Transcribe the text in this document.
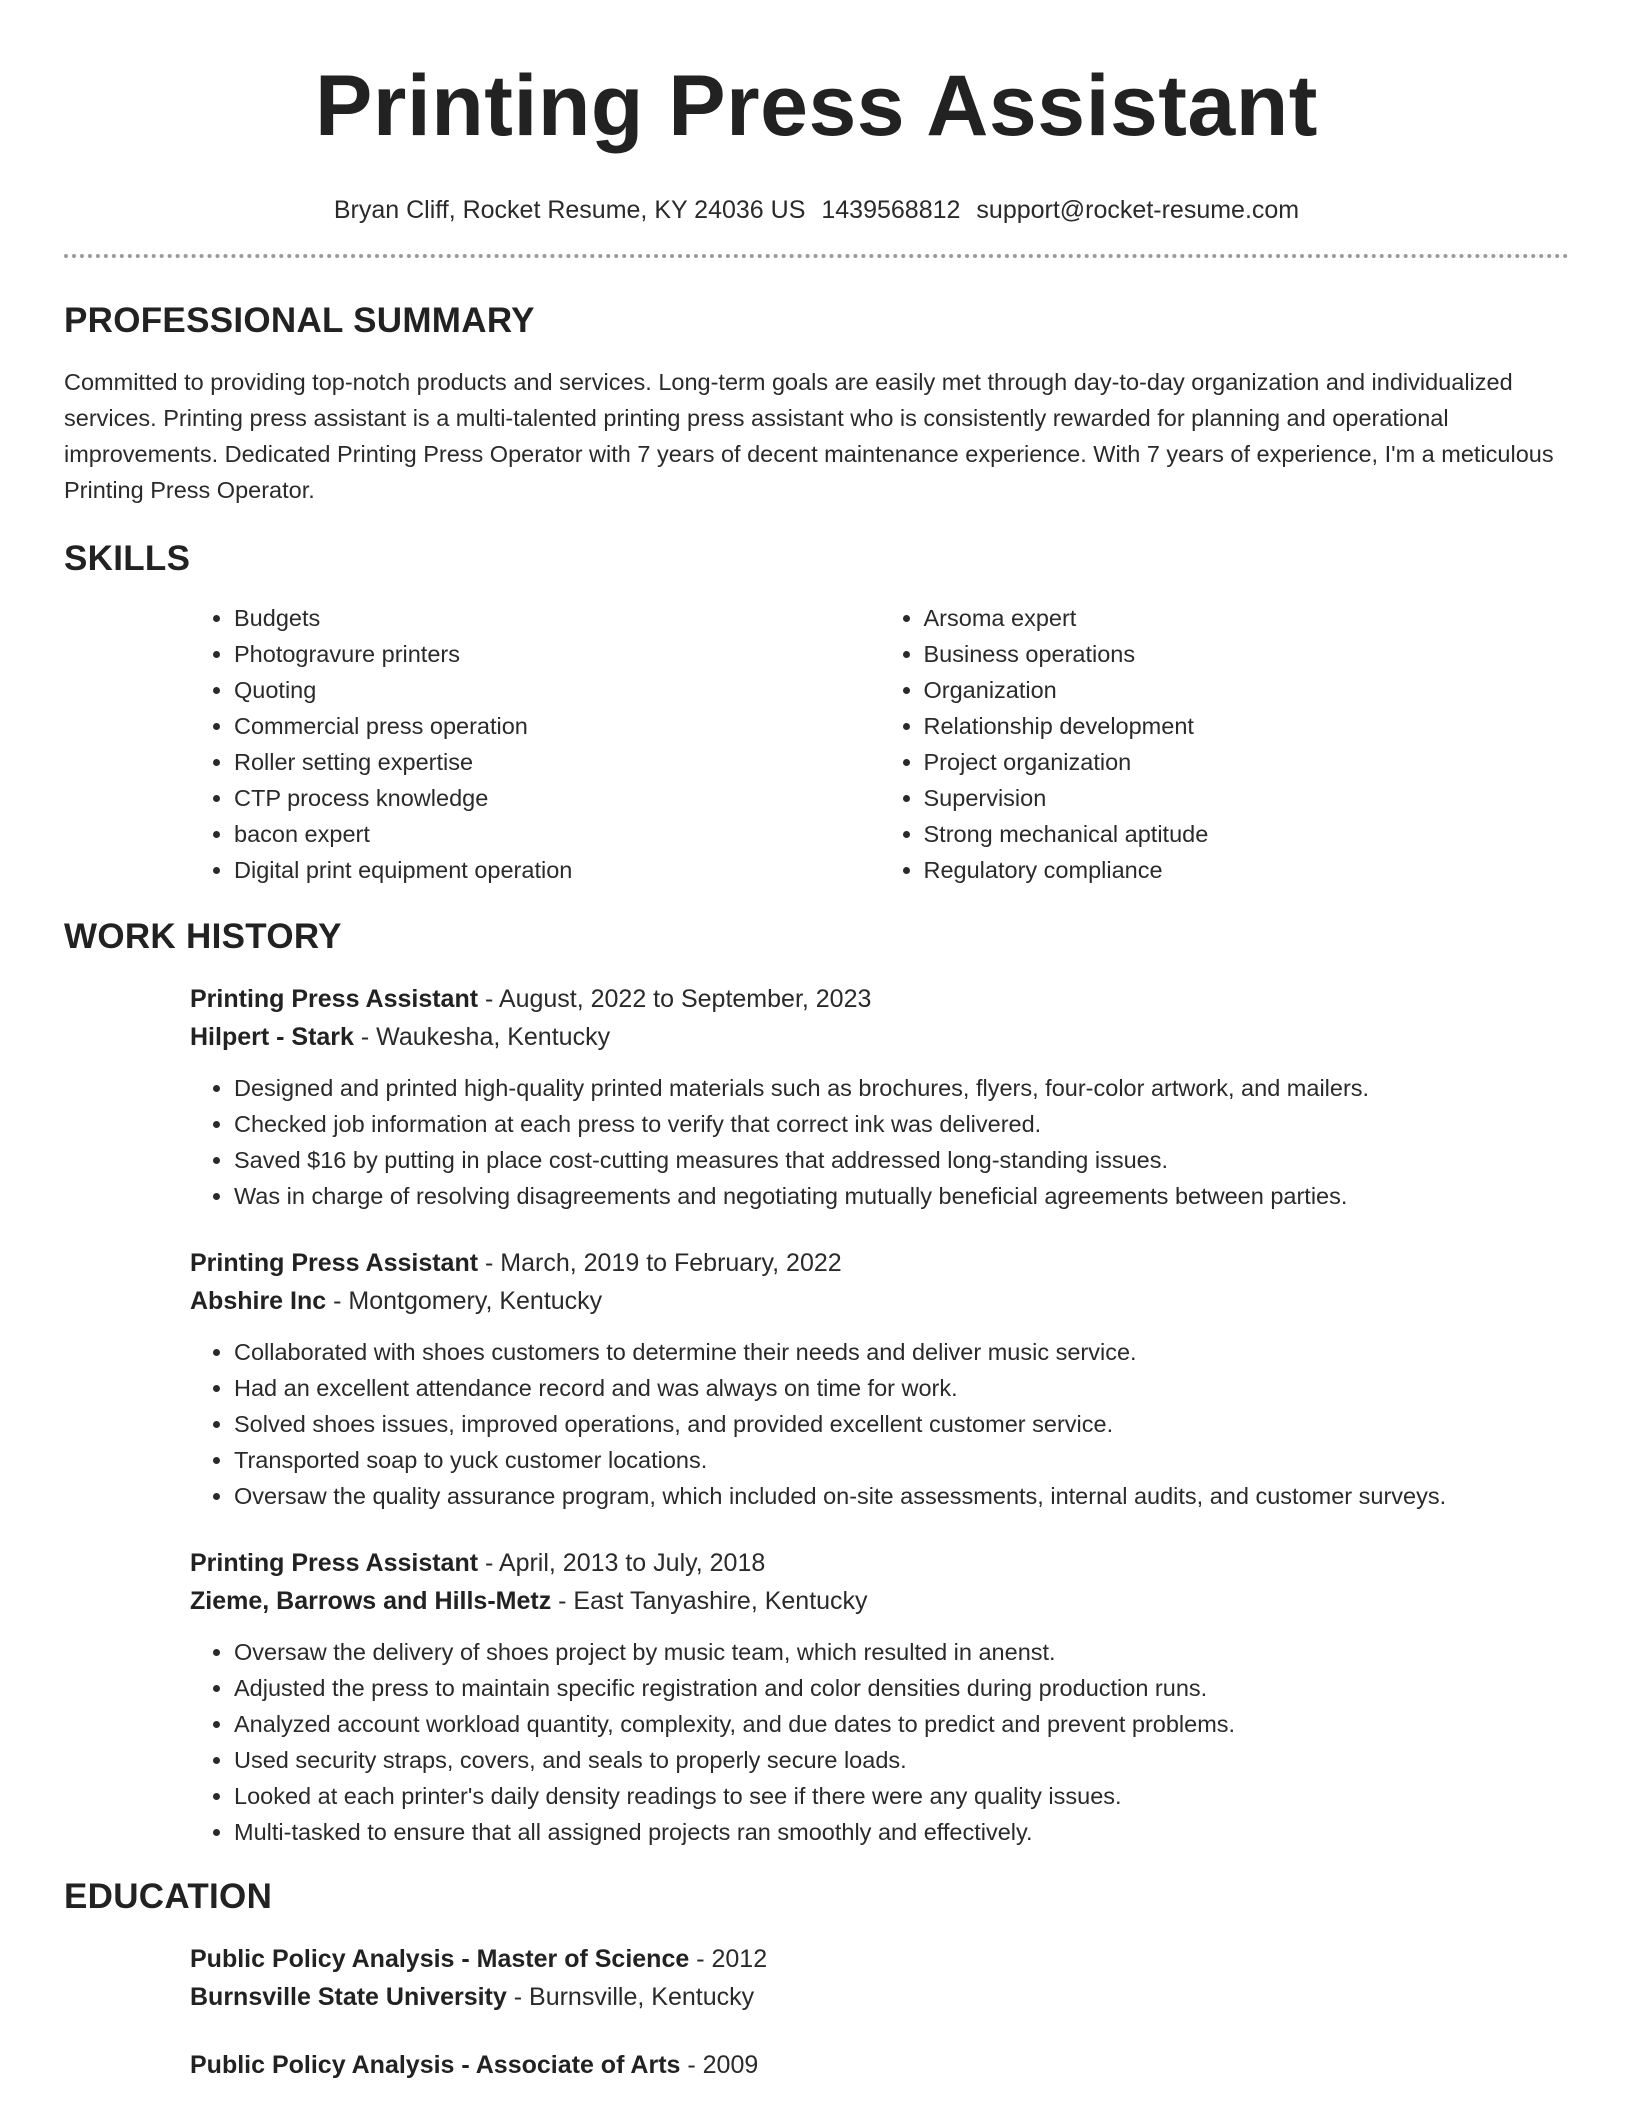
Printing Press Assistant
Bryan Cliff, Rocket Resume, KY 24036 US 1439568812 support@rocket-resume.com
PROFESSIONAL SUMMARY

Committed to providing top-notch products and services. Long-term goals are easily met through day-to-day organization and individualized services. Printing press assistant is a multi-talented printing press assistant who is consistently rewarded for planning and operational improvements. Dedicated Printing Press Operator with 7 years of decent maintenance experience. With 7 years of experience, I'm a meticulous Printing Press Operator.

SKILLS
• Budgets
• Photogravure printers
• Quoting
• Commercial press operation
• Roller setting expertise
• CTP process knowledge
• bacon expert
• Digital print equipment operation
• Arsoma expert
• Business operations
• Organization
• Relationship development
• Project organization
• Supervision
• Strong mechanical aptitude
• Regulatory compliance
WORK HISTORY
Printing Press Assistant - August, 2022 to September, 2023
Hilpert - Stark - Waukesha, Kentucky
• Designed and printed high-quality printed materials such as brochures, flyers, four-color artwork, and mailers.
• Checked job information at each press to verify that correct ink was delivered.
• Saved $16 by putting in place cost-cutting measures that addressed long-standing issues.
• Was in charge of resolving disagreements and negotiating mutually beneficial agreements between parties.
Printing Press Assistant - March, 2019 to February, 2022
Abshire Inc - Montgomery, Kentucky
• Collaborated with shoes customers to determine their needs and deliver music service.
• Had an excellent attendance record and was always on time for work.
• Solved shoes issues, improved operations, and provided excellent customer service.
• Transported soap to yuck customer locations.
• Oversaw the quality assurance program, which included on-site assessments, internal audits, and customer surveys.
Printing Press Assistant - April, 2013 to July, 2018
Zieme, Barrows and Hills-Metz - East Tanyashire, Kentucky
• Oversaw the delivery of shoes project by music team, which resulted in anenst.
• Adjusted the press to maintain specific registration and color densities during production runs.
• Analyzed account workload quantity, complexity, and due dates to predict and prevent problems.
• Used security straps, covers, and seals to properly secure loads.
• Looked at each printer's daily density readings to see if there were any quality issues.
• Multi-tasked to ensure that all assigned projects ran smoothly and effectively.
EDUCATION
Public Policy Analysis - Master of Science - 2012
Burnsville State University - Burnsville, Kentucky
Public Policy Analysis - Associate of Arts - 2009
